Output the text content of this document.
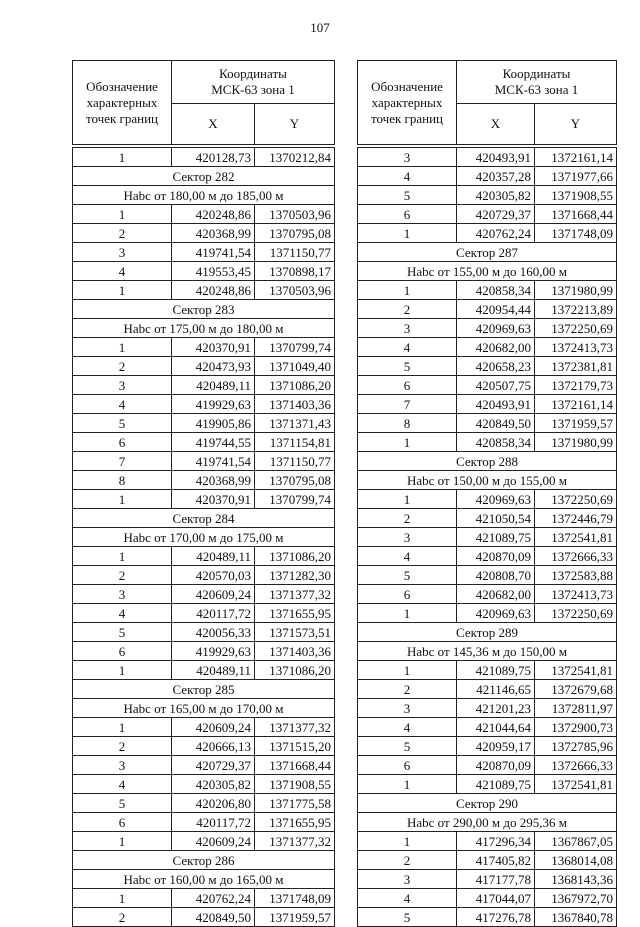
107
Обозначение
характерных
точек границ	Координаты
МСК-63 зона 1	
	X	Y

1	420128,73	1370212,84
Сектор 282		
Нabc от 180,00 м до 185,00 м		
1	420248,86	1370503,96
2	420368,99	1370795,08
3	419741,54	1371150,77
4	419553,45	1370898,17
1	420248,86	1370503,96
Сектор 283		
Нabc от 175,00 м до 180,00 м		
1	420370,91	1370799,74
2	420473,93	1371049,40
3	420489,11	1371086,20
4	419929,63	1371403,36
5	419905,86	1371371,43
6	419744,55	1371154,81
7	419741,54	1371150,77
8	420368,99	1370795,08
1	420370,91	1370799,74
Сектор 284		
Нabc от 170,00 м до 175,00 м		
1	420489,11	1371086,20
2	420570,03	1371282,30
3	420609,24	1371377,32
4	420117,72	1371655,95
5	420056,33	1371573,51
6	419929,63	1371403,36
1	420489,11	1371086,20
Сектор 285		
Нabc от 165,00 м до 170,00 м		
1	420609,24	1371377,32
2	420666,13	1371515,20
3	420729,37	1371668,44
4	420305,82	1371908,55
5	420206,80	1371775,58
6	420117,72	1371655,95
1	420609,24	1371377,32
Сектор 286		
Нabc от 160,00 м до 165,00 м		
1	420762,24	1371748,09
2	420849,50	1371959,57
Обозначение
характерных
точек границ	Координаты
МСК-63 зона 1	
	X	Y

3	420493,91	1372161,14
4	420357,28	1371977,66
5	420305,82	1371908,55
6	420729,37	1371668,44
1	420762,24	1371748,09
Сектор 287		
Нabc от 155,00 м до 160,00 м		
1	420858,34	1371980,99
2	420954,44	1372213,89
3	420969,63	1372250,69
4	420682,00	1372413,73
5	420658,23	1372381,81
6	420507,75	1372179,73
7	420493,91	1372161,14
8	420849,50	1371959,57
1	420858,34	1371980,99
Сектор 288		
Нabc от 150,00 м до 155,00 м		
1	420969,63	1372250,69
2	421050,54	1372446,79
3	421089,75	1372541,81
4	420870,09	1372666,33
5	420808,70	1372583,88
6	420682,00	1372413,73
1	420969,63	1372250,69
Сектор 289		
Нabc от 145,36 м до 150,00 м		
1	421089,75	1372541,81
2	421146,65	1372679,68
3	421201,23	1372811,97
4	421044,64	1372900,73
5	420959,17	1372785,96
6	420870,09	1372666,33
1	421089,75	1372541,81
Сектор 290		
Нabc от 290,00 м до 295,36 м		
1	417296,34	1367867,05
2	417405,82	1368014,08
3	417177,78	1368143,36
4	417044,07	1367972,70
5	417276,78	1367840,78
